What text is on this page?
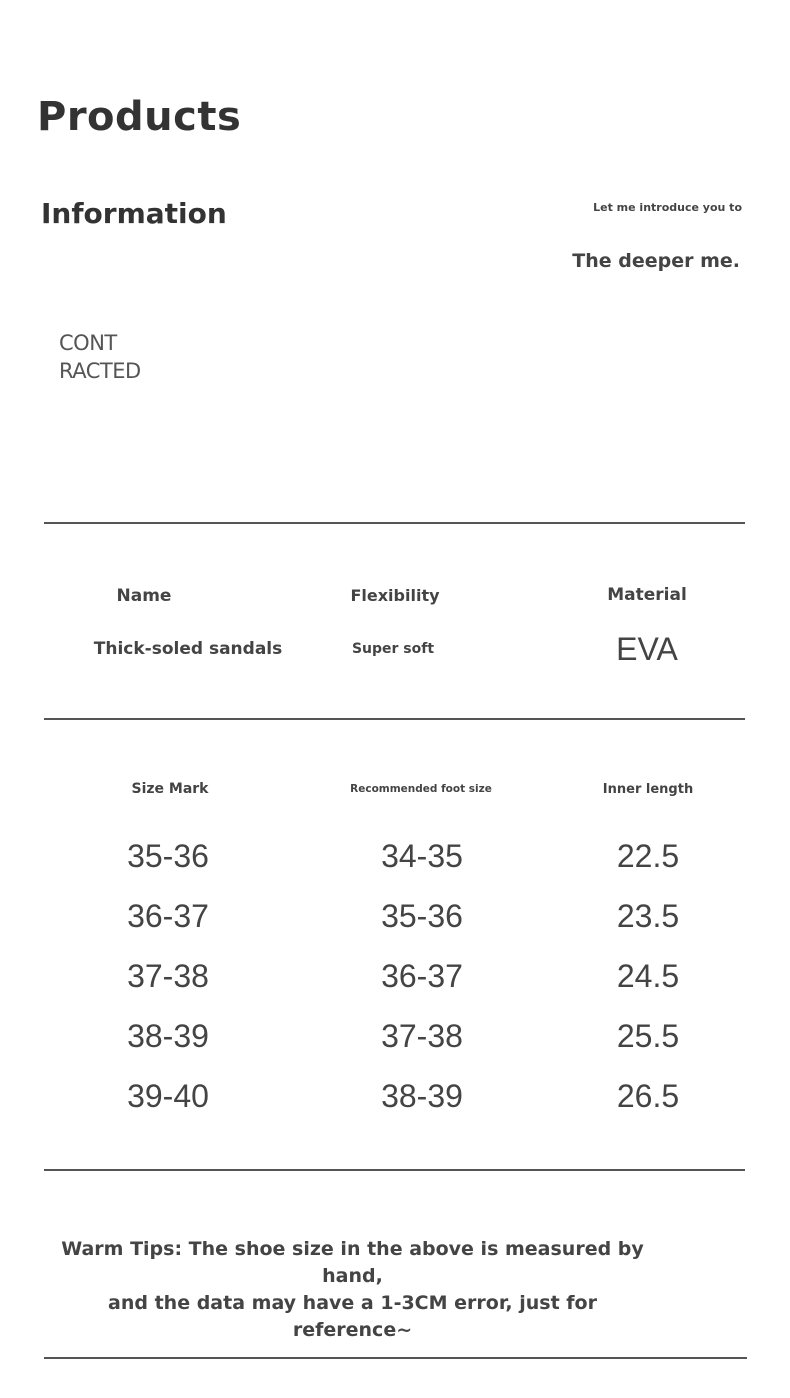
Products
Information	Let me introduce you to
The deeper me.
CONT
RACTED
Name	Flexibility	Material
Thick-soled sandals	Super soft	EVA
Size Mark	Recommended foot size	Inner length
35-36	34-35	22.5
36-37	35-36	23.5
37-38	36-37	24.5
38-39	37-38	25.5
39-40	38-39	26.5
Warm Tips: The shoe size in the above is measured by hand,
and the data may have a 1-3CM error, just for reference~
